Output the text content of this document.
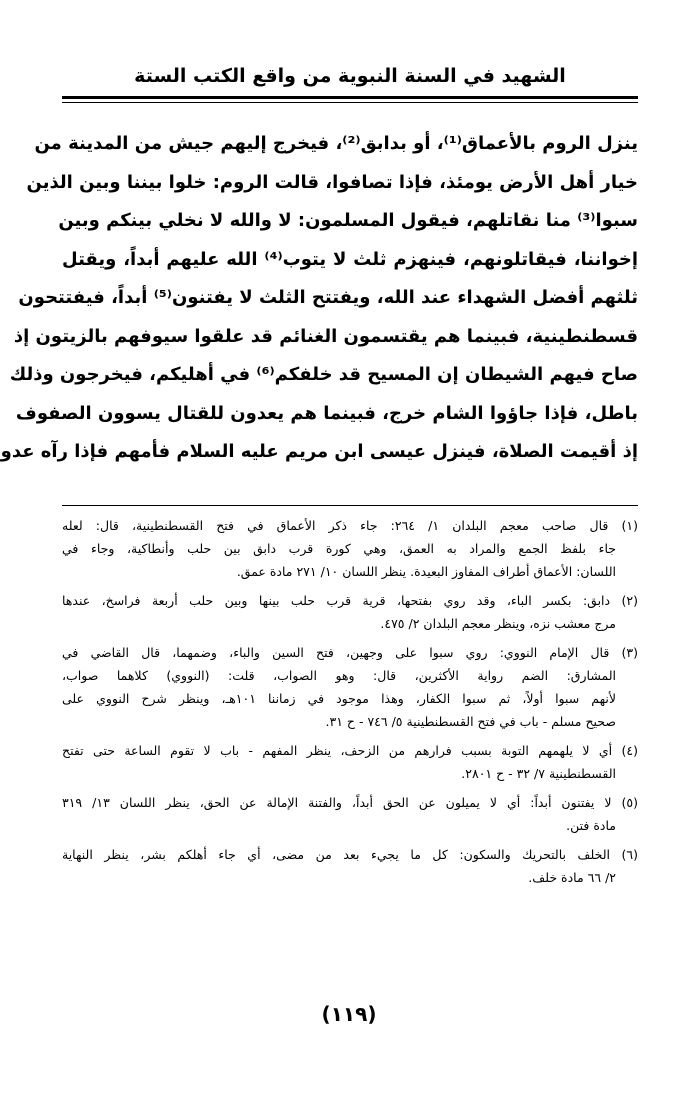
الشهيد في السنة النبوية من واقع الكتب الستة
ينزل الروم بالأعماق⁽¹⁾، أو بدابق⁽²⁾، فيخرج إليهم جيش من المدينة من
خيار أهل الأرض يومئذ، فإذا تصافوا، قالت الروم: خلوا بيننا وبين الذين
سبوا⁽³⁾ منا نقاتلهم، فيقول المسلمون: لا والله لا نخلي بينكم وبين
إخواننا، فيقاتلونهم، فينهزم ثلث لا يتوب⁽⁴⁾ الله عليهم أبداً، ويقتل
ثلثهم أفضل الشهداء عند الله، ويفتتح الثلث لا يفتنون⁽⁵⁾ أبداً، فيفتتحون
قسطنطينية، فبينما هم يقتسمون الغنائم قد علقوا سيوفهم بالزيتون إذ
صاح فيهم الشيطان إن المسيح قد خلفكم⁽⁶⁾ في أهليكم، فيخرجون وذلك
باطل، فإذا جاؤوا الشام خرج، فبينما هم يعدون للقتال يسوون الصفوف
إذ أقيمت الصلاة، فينزل عيسى ابن مريم عليه السلام فأمهم فإذا رآه عدو
(١) قال صاحب معجم البلدان ١/ ٢٦٤: جاء ذكر الأعماق في فتح القسطنطينية، قال: لعله
جاء بلفظ الجمع والمراد به العمق، وهي كورة قرب دابق بين حلب وأنطاكية، وجاء في
اللسان: الأعماق أطراف المفاوز البعيدة. ينظر اللسان ١٠/ ٢٧١ مادة عمق.
(٢) دابق: بكسر الباء، وقد روي بفتحها، قرية قرب حلب بينها وبين حلب أربعة فراسخ، عندها
مرج معشب نزه، وينظر معجم البلدان ٢/ ٤٧٥.
(٣) قال الإمام النووي: روي سبوا على وجهين، فتح السين والباء، وضمهما، قال القاضي في
المشارق: الضم رواية الأكثرين، قال: وهو الصواب، قلت: (النووي) كلاهما صواب،
لأنهم سبوا أولاً، ثم سبوا الكفار، وهذا موجود في زماننا ١٠١هـ، وينظر شرح النووي على
صحيح مسلم - باب في فتح القسطنطينية ٥/ ٧٤٦ - ح ٣١.
(٤) أي لا يلهمهم التوبة بسبب فرارهم من الزحف، ينظر المفهم - باب لا تقوم الساعة حتى تفتح
القسطنطينية ٧/ ٣٢ - ح ٢٨٠١.
(٥) لا يفتنون أبداً: أي لا يميلون عن الحق أبداً، والفتنة الإمالة عن الحق، ينظر اللسان ١٣/ ٣١٩
مادة فتن.
(٦) الخلف بالتحريك والسكون: كل ما يجيء بعد من مضى، أي جاء أهلكم بشر، ينظر النهاية
٢/ ٦٦ مادة خلف.
(١١٩)
